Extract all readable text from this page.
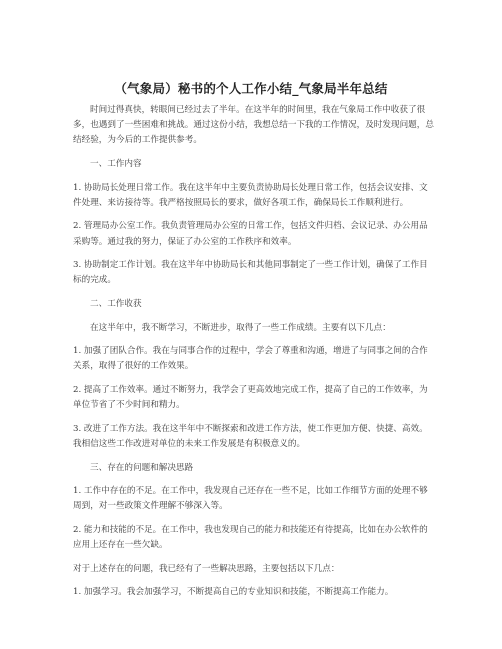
（气象局）秘书的个人工作小结_气象局半年总结

时间过得真快，转眼间已经过去了半年。在这半年的时间里，我在气象局工作中收获了很多，也遇到了一些困难和挑战。通过这份小结，我想总结一下我的工作情况，及时发现问题，总结经验，为今后的工作提供参考。

一、工作内容

1. 协助局长处理日常工作。我在这半年中主要负责协助局长处理日常工作，包括会议安排、文件处理、来访接待等。我严格按照局长的要求，做好各项工作，确保局长工作顺利进行。

2. 管理局办公室工作。我负责管理局办公室的日常工作，包括文件归档、会议记录、办公用品采购等。通过我的努力，保证了办公室的工作秩序和效率。

3. 协助制定工作计划。我在这半年中协助局长和其他同事制定了一些工作计划，确保了工作目标的完成。

二、工作收获

在这半年中，我不断学习，不断进步，取得了一些工作成绩。主要有以下几点：

1. 加强了团队合作。我在与同事合作的过程中，学会了尊重和沟通，增进了与同事之间的合作关系，取得了很好的工作效果。

2. 提高了工作效率。通过不断努力，我学会了更高效地完成工作，提高了自己的工作效率，为单位节省了不少时间和精力。

3. 改进了工作方法。我在这半年中不断探索和改进工作方法，使工作更加方便、快捷、高效。我相信这些工作改进对单位的未来工作发展是有积极意义的。

三、存在的问题和解决思路

1. 工作中存在的不足。在工作中，我发现自己还存在一些不足，比如工作细节方面的处理不够周到，对一些政策文件理解不够深入等。

2. 能力和技能的不足。在工作中，我也发现自己的能力和技能还有待提高，比如在办公软件的应用上还存在一些欠缺。

对于上述存在的问题，我已经有了一些解决思路，主要包括以下几点：

1. 加强学习。我会加强学习，不断提高自己的专业知识和技能，不断提高工作能力。
